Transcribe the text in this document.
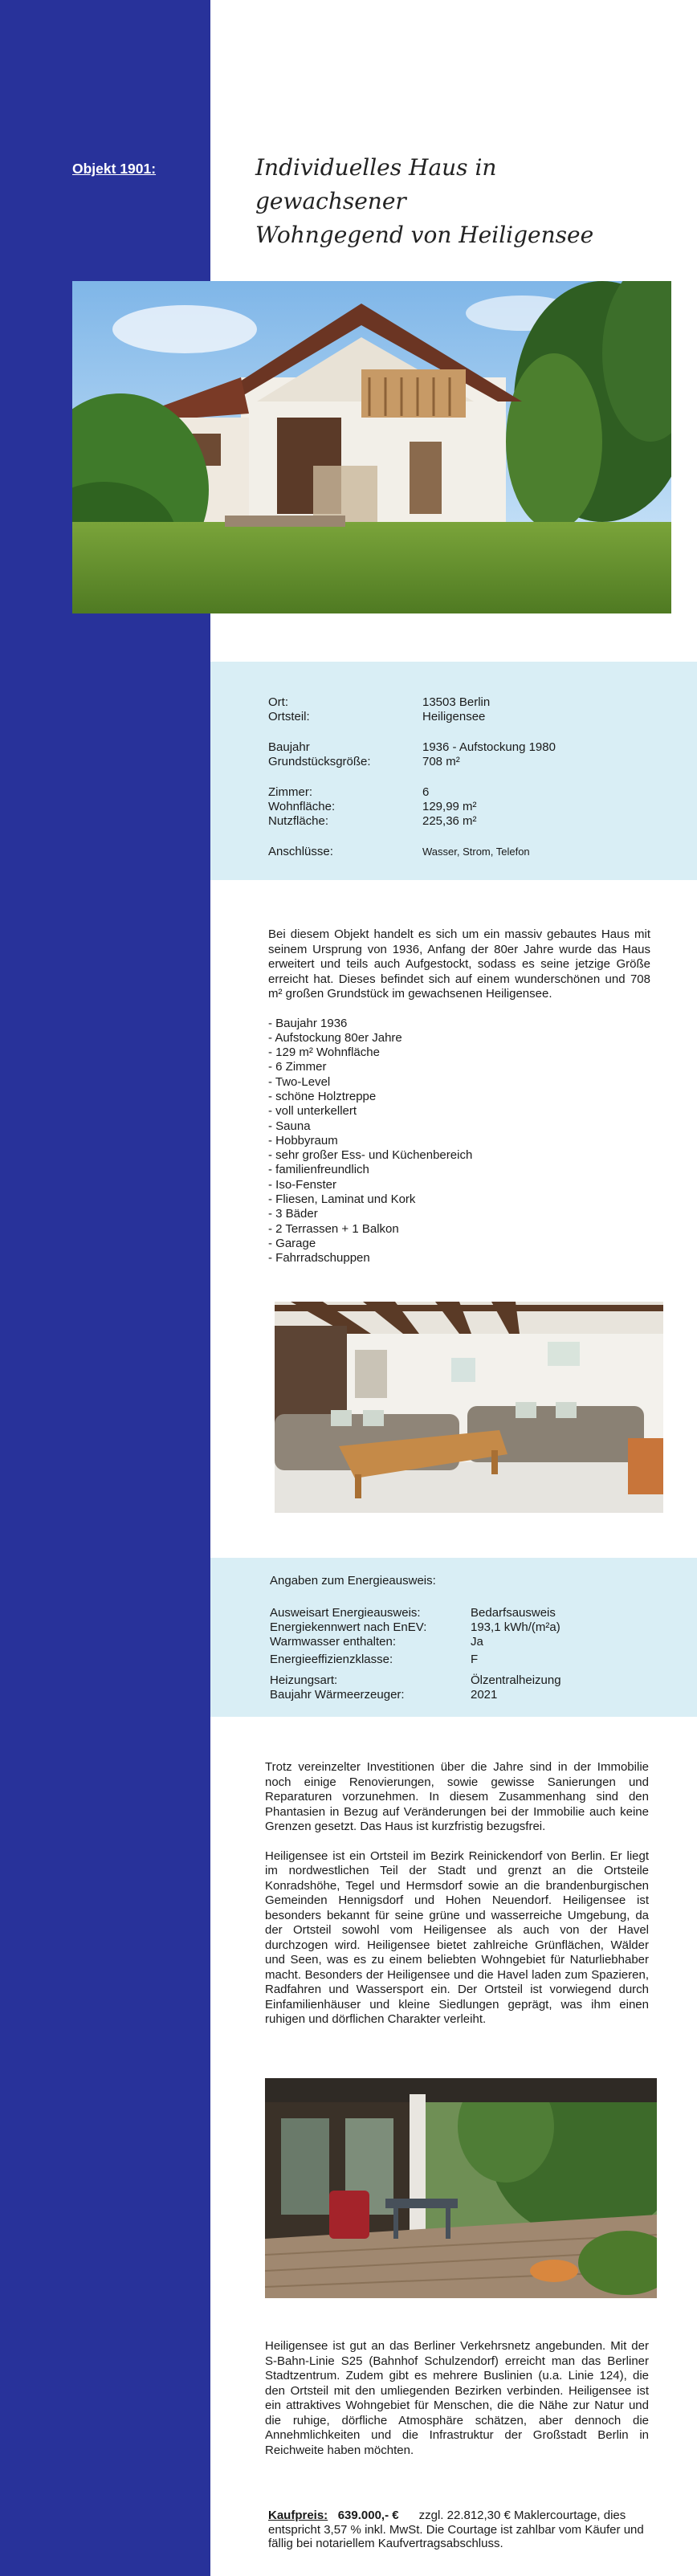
Objekt 1901:	Individuelles Haus in gewachsener
Wohngegend von Heiligensee
Ort:	13503 Berlin
Ortsteil:	Heiligensee
Baujahr	1936 - Aufstockung 1980
Grundstücksgröße:	708 m²
Zimmer:	6
Wohnfläche:	129,99 m²
Nutzfläche:	225,36 m²
Anschlüsse:	Wasser, Strom, Telefon

Bei diesem Objekt handelt es sich um ein massiv gebautes Haus mit seinem Ursprung von 1936, Anfang der 80er Jahre wurde das Haus erweitert und teils auch Aufgestockt, sodass es seine jetzige Größe erreicht hat. Dieses befindet sich auf einem wunderschönen und 708 m² großen Grundstück im gewachsenen Heiligensee.

- Baujahr 1936
- Aufstockung 80er Jahre
- 129 m² Wohnfläche
- 6 Zimmer
- Two-Level
- schöne Holztreppe
- voll unterkellert
- Sauna
- Hobbyraum
- sehr großer Ess- und Küchenbereich
- familienfreundlich
- Iso-Fenster
- Fliesen, Laminat und Kork
- 3 Bäder
- 2 Terrassen + 1 Balkon
- Garage
- Fahrradschuppen
Angaben zum Energieausweis:
Ausweisart Energieausweis:	Bedarfsausweis
Energiekennwert nach EnEV:	193,1 kWh/(m²a)
Warmwasser enthalten:	Ja
Energieeffizienzklasse:	F
Heizungsart:	Ölzentralheizung
Baujahr Wärmeerzeuger:	2021

Trotz vereinzelter Investitionen über die Jahre sind in der Immobilie noch einige Renovierungen, sowie gewisse Sanierungen und Reparaturen vorzunehmen. In diesem Zusammenhang sind den Phantasien in Bezug auf Veränderungen bei der Immobilie auch keine Grenzen gesetzt. Das Haus ist kurzfristig bezugsfrei.

Heiligensee ist ein Ortsteil im Bezirk Reinickendorf von Berlin. Er liegt im nordwestlichen Teil der Stadt und grenzt an die Ortsteile Konradshöhe, Tegel und Hermsdorf sowie an die brandenburgischen Gemeinden Hennigsdorf und Hohen Neuendorf. Heiligensee ist besonders bekannt für seine grüne und wasserreiche Umgebung, da der Ortsteil sowohl vom Heiligensee als auch von der Havel durchzogen wird. Heiligensee bietet zahlreiche Grünflächen, Wälder und Seen, was es zu einem beliebten Wohngebiet für Naturliebhaber macht. Besonders der Heiligensee und die Havel laden zum Spazieren, Radfahren und Wassersport ein. Der Ortsteil ist vorwiegend durch Einfamilienhäuser und kleine Siedlungen geprägt, was ihm einen ruhigen und dörflichen Charakter verleiht.

Heiligensee ist gut an das Berliner Verkehrsnetz angebunden. Mit der S-Bahn-Linie S25 (Bahnhof Schulzendorf) erreicht man das Berliner Stadtzentrum. Zudem gibt es mehrere Buslinien (u.a. Linie 124), die den Ortsteil mit den umliegenden Bezirken verbinden. Heiligensee ist ein attraktives Wohngebiet für Menschen, die die Nähe zur Natur und die ruhige, dörfliche Atmosphäre schätzen, aber dennoch die Annehmlichkeiten und die Infrastruktur der Großstadt Berlin in Reichweite haben möchten.

Kaufpreis: 639.000,- € zzgl. 22.812,30 € Maklercourtage, dies entspricht 3,57 % inkl. MwSt. Die Courtage ist zahlbar vom Käufer und fällig bei notariellem Kaufvertragsabschluss.
